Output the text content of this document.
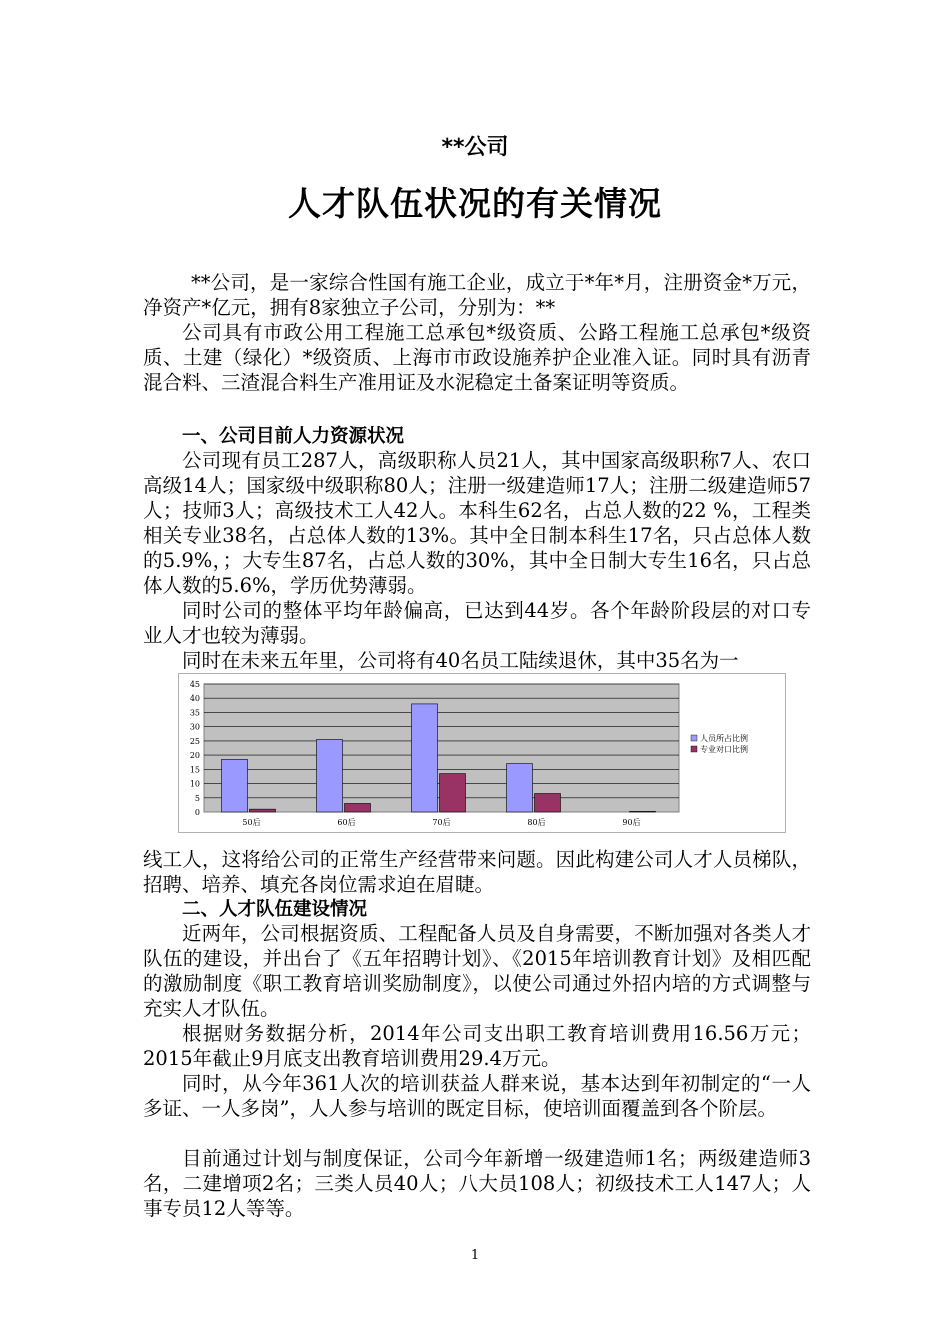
**公司
人才队伍状况的有关情况

**公司，是一家综合性国有施工企业，成立于*年*月，注册资金*万元，净资产*亿元，拥有8家独立子公司，分别为：**

公司具有市政公用工程施工总承包*级资质、公路工程施工总承包*级资质、土建（绿化）*级资质、上海市市政设施养护企业准入证。同时具有沥青混合料、三渣混合料生产准用证及水泥稳定土备案证明等资质。

一、公司目前人力资源状况

公司现有员工287人，高级职称人员21人，其中国家高级职称7人、农口高级14人；国家级中级职称80人；注册一级建造师17人；注册二级建造师57人；技师3人；高级技术工人42人。本科生62名，占总人数的22 %，工程类相关专业38名，占总体人数的13%。其中全日制本科生17名，只占总体人数的5.9%，；大专生87名，占总人数的30%，其中全日制大专生16名，只占总体人数的5.6%，学历优势薄弱。

同时公司的整体平均年龄偏高，已达到44岁。各个年龄阶段层的对口专业人才也较为薄弱。

同时在未来五年里，公司将有40名员工陆续退休，其中35名为一

0
5
10
15
20
25
30
35
40
45
50后	60后	70后	80后	90后
人员所占比例
专业对口比例

线工人，这将给公司的正常生产经营带来问题。因此构建公司人才人员梯队，招聘、培养、填充各岗位需求迫在眉睫。

二、人才队伍建设情况

近两年，公司根据资质、工程配备人员及自身需要，不断加强对各类人才队伍的建设，并出台了《五年招聘计划》、《2015年培训教育计划》及相匹配的激励制度《职工教育培训奖励制度》，以使公司通过外招内培的方式调整与充实人才队伍。

根据财务数据分析，2014年公司支出职工教育培训费用16.56万元；2015年截止9月底支出教育培训费用29.4万元。

同时，从今年361人次的培训获益人群来说，基本达到年初制定的“一人多证、一人多岗”，人人参与培训的既定目标，使培训面覆盖到各个阶层。

目前通过计划与制度保证，公司今年新增一级建造师1名；两级建造师3名，二建增项2名；三类人员40人；八大员108人；初级技术工人147人；人事专员12人等等。

1
